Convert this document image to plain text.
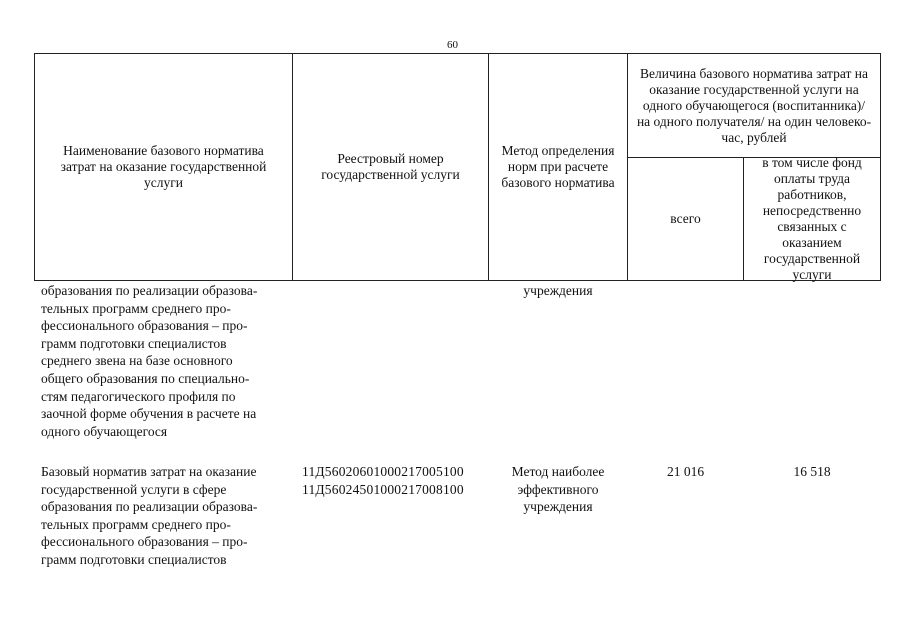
60
Наименование базового норматива затрат на оказание государственной услуги
Реестровый номер государственной услуги
Метод определения норм при расчете базового норматива
Величина базового норматива затрат на оказание государственной услуги на одного обучающегося (воспитанника)/ на одного получателя/ на один человеко-час, рублей
всего
в том числе фонд оплаты труда работников, непосредственно связанных с оказанием государственной услуги
образования по реализации образова-
тельных программ среднего про-
фессионального образования – про-
грамм подготовки специалистов
среднего звена на базе основного
общего образования по специально-
стям педагогического профиля по
заочной форме обучения в расчете на
одного обучающегося
учреждения
Базовый норматив затрат на оказание
государственной услуги в сфере
образования по реализации образова-
тельных программ среднего про-
фессионального образования – про-
грамм подготовки специалистов
11Д56020601000217005100
11Д56024501000217008100
Метод наиболее эффективного учреждения
21 016	16 518
